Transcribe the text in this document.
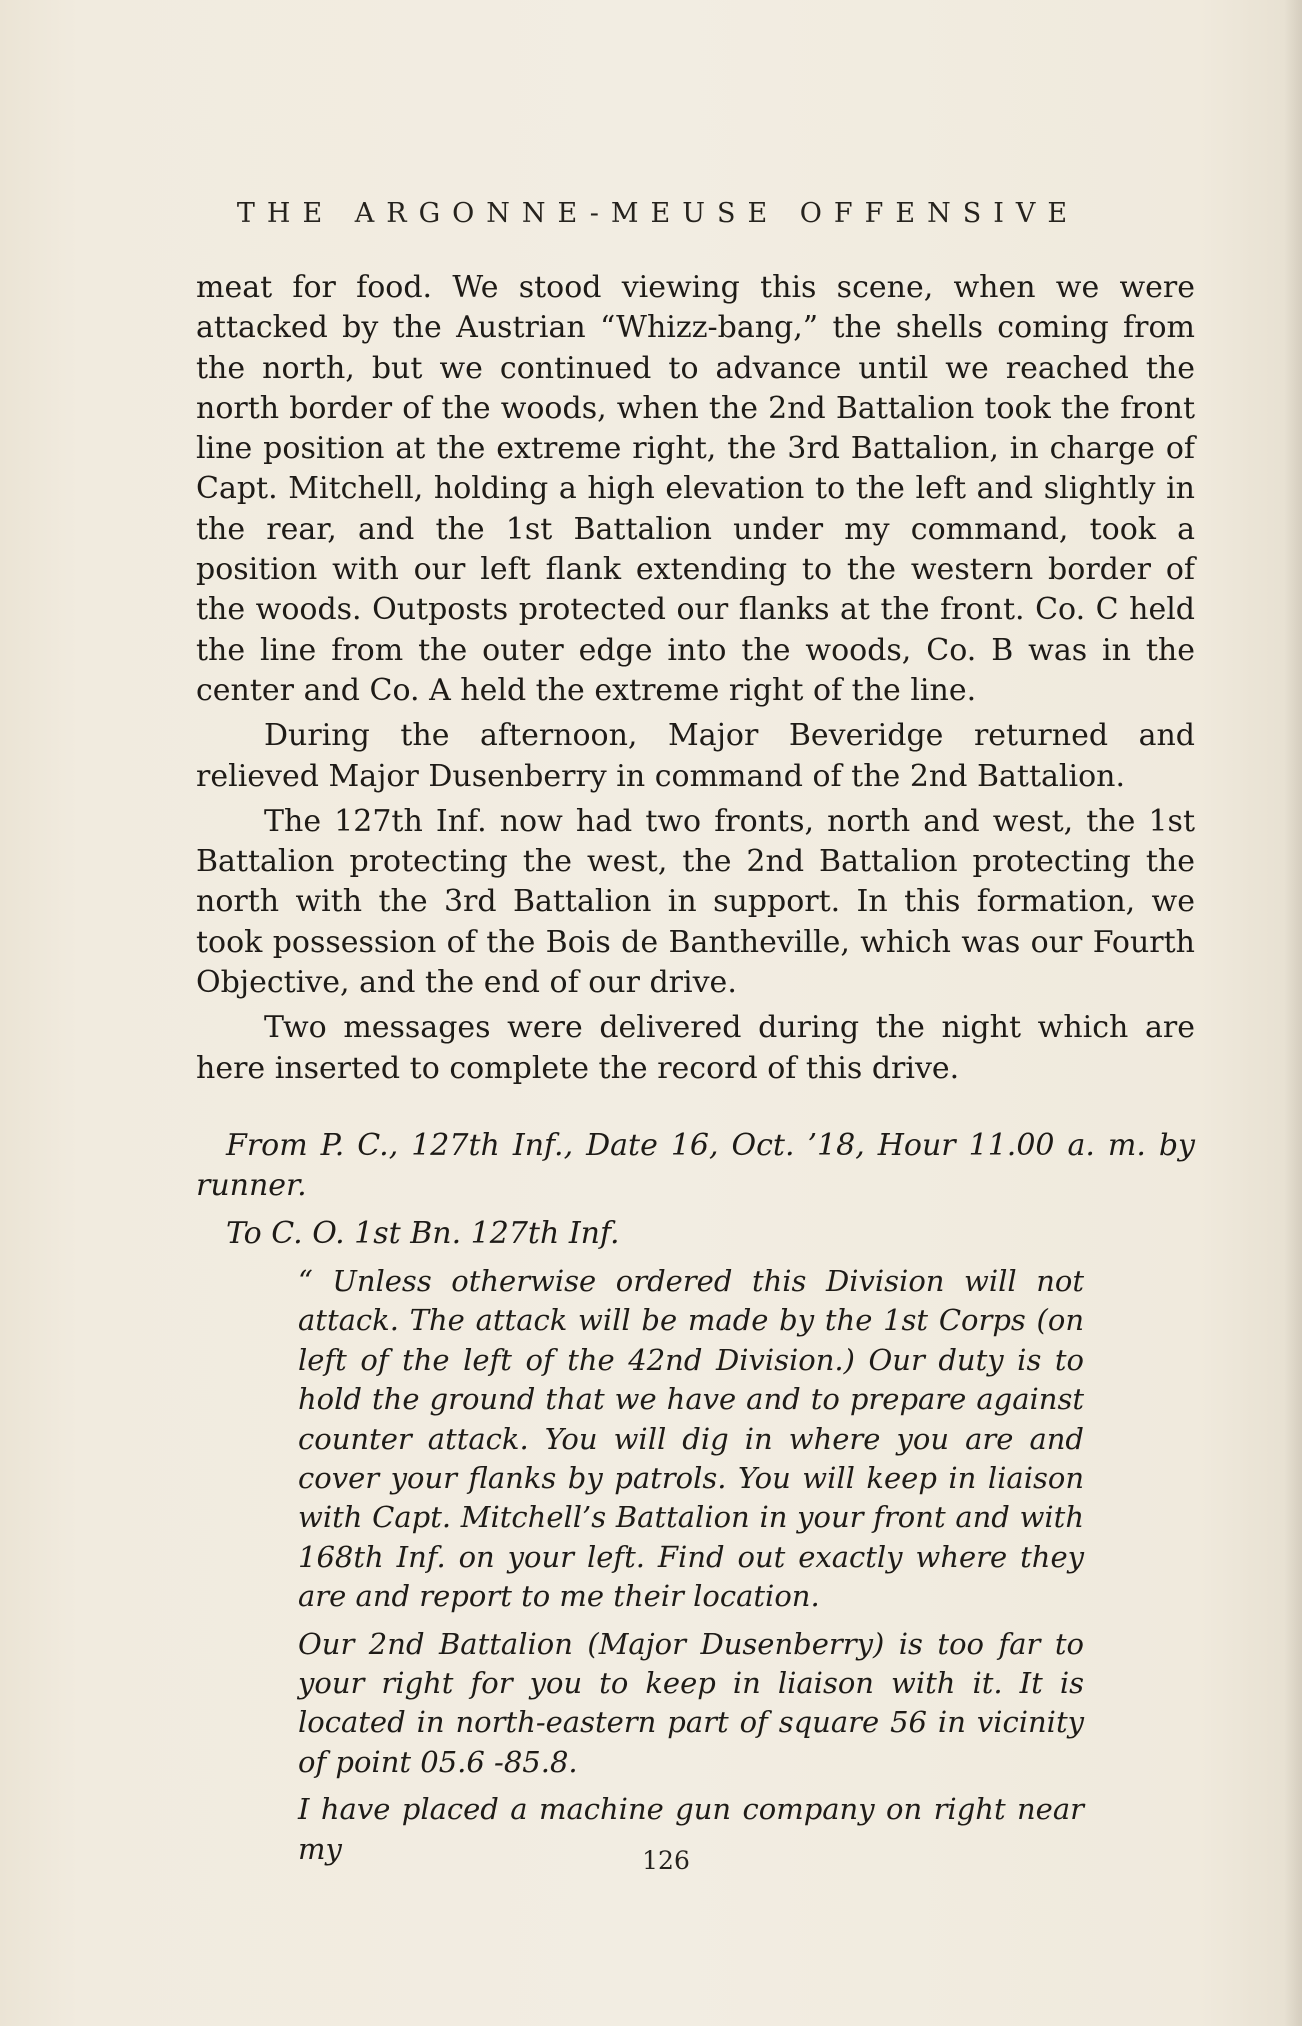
THE ARGONNE-MEUSE OFFENSIVE

meat for food. We stood viewing this scene, when we were attacked by the Austrian “Whizz-bang,” the shells coming from the north, but we continued to advance until we reached the north border of the woods, when the 2nd Battalion took the front line position at the extreme right, the 3rd Battalion, in charge of Capt. Mitchell, holding a high elevation to the left and slightly in the rear, and the 1st Battalion under my command, took a position with our left flank extending to the western border of the woods. Outposts protected our flanks at the front. Co. C held the line from the outer edge into the woods, Co. B was in the center and Co. A held the extreme right of the line.

During the afternoon, Major Beveridge returned and relieved Major Dusenberry in command of the 2nd Battalion.

The 127th Inf. now had two fronts, north and west, the 1st Battalion protecting the west, the 2nd Battalion protecting the north with the 3rd Battalion in support. In this formation, we took possession of the Bois de Bantheville, which was our Fourth Objective, and the end of our drive.

Two messages were delivered during the night which are here inserted to complete the record of this drive.

From P. C., 127th Inf., Date 16, Oct. ’18, Hour 11.00 a. m. by runner.
To C. O. 1st Bn. 127th Inf.

“ Unless otherwise ordered this Division will not attack. The attack will be made by the 1st Corps (on left of the left of the 42nd Division.) Our duty is to hold the ground that we have and to prepare against counter attack. You will dig in where you are and cover your flanks by patrols. You will keep in liaison with Capt. Mitchell’s Battalion in your front and with 168th Inf. on your left. Find out exactly where they are and report to me their location.

Our 2nd Battalion (Major Dusenberry) is too far to your right for you to keep in liaison with it. It is located in north-eastern part of square 56 in vicinity of point 05.6 -85.8.

I have placed a machine gun company on right near my	126
